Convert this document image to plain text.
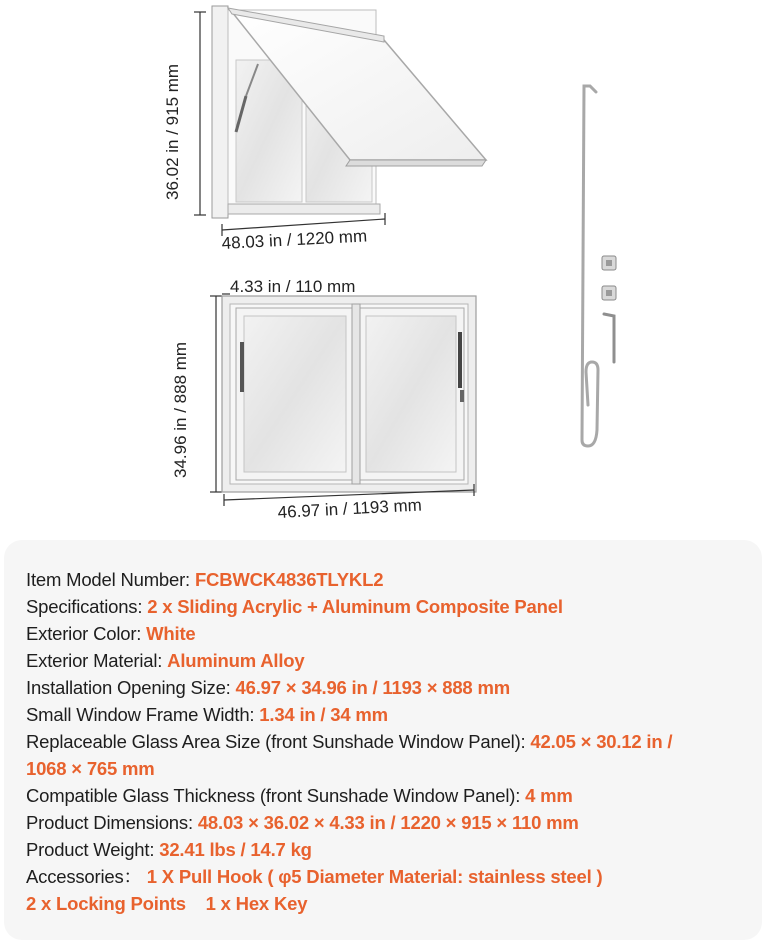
36.02 in / 915 mm
48.03 in / 1220 mm
4.33 in / 110 mm
34.96 in / 888 mm
46.97 in / 1193 mm
Item Model Number: FCBWCK4836TLYKL2
Specifications: 2 x Sliding Acrylic + Aluminum Composite Panel
Exterior Color: White
Exterior Material: Aluminum Alloy
Installation Opening Size: 46.97 × 34.96 in / 1193 × 888 mm
Small Window Frame Width: 1.34 in / 34 mm
Replaceable Glass Area Size (front Sunshade Window Panel): 42.05 × 30.12 in /
1068 × 765 mm
Compatible Glass Thickness (front Sunshade Window Panel): 4 mm
Product Dimensions: 48.03 × 36.02 × 4.33 in / 1220 × 915 × 110 mm
Product Weight: 32.41 lbs / 14.7 kg
Accessories： 1 X Pull Hook ( φ5 Diameter Material: stainless steel )
2 x Locking Points    1 x Hex Key
